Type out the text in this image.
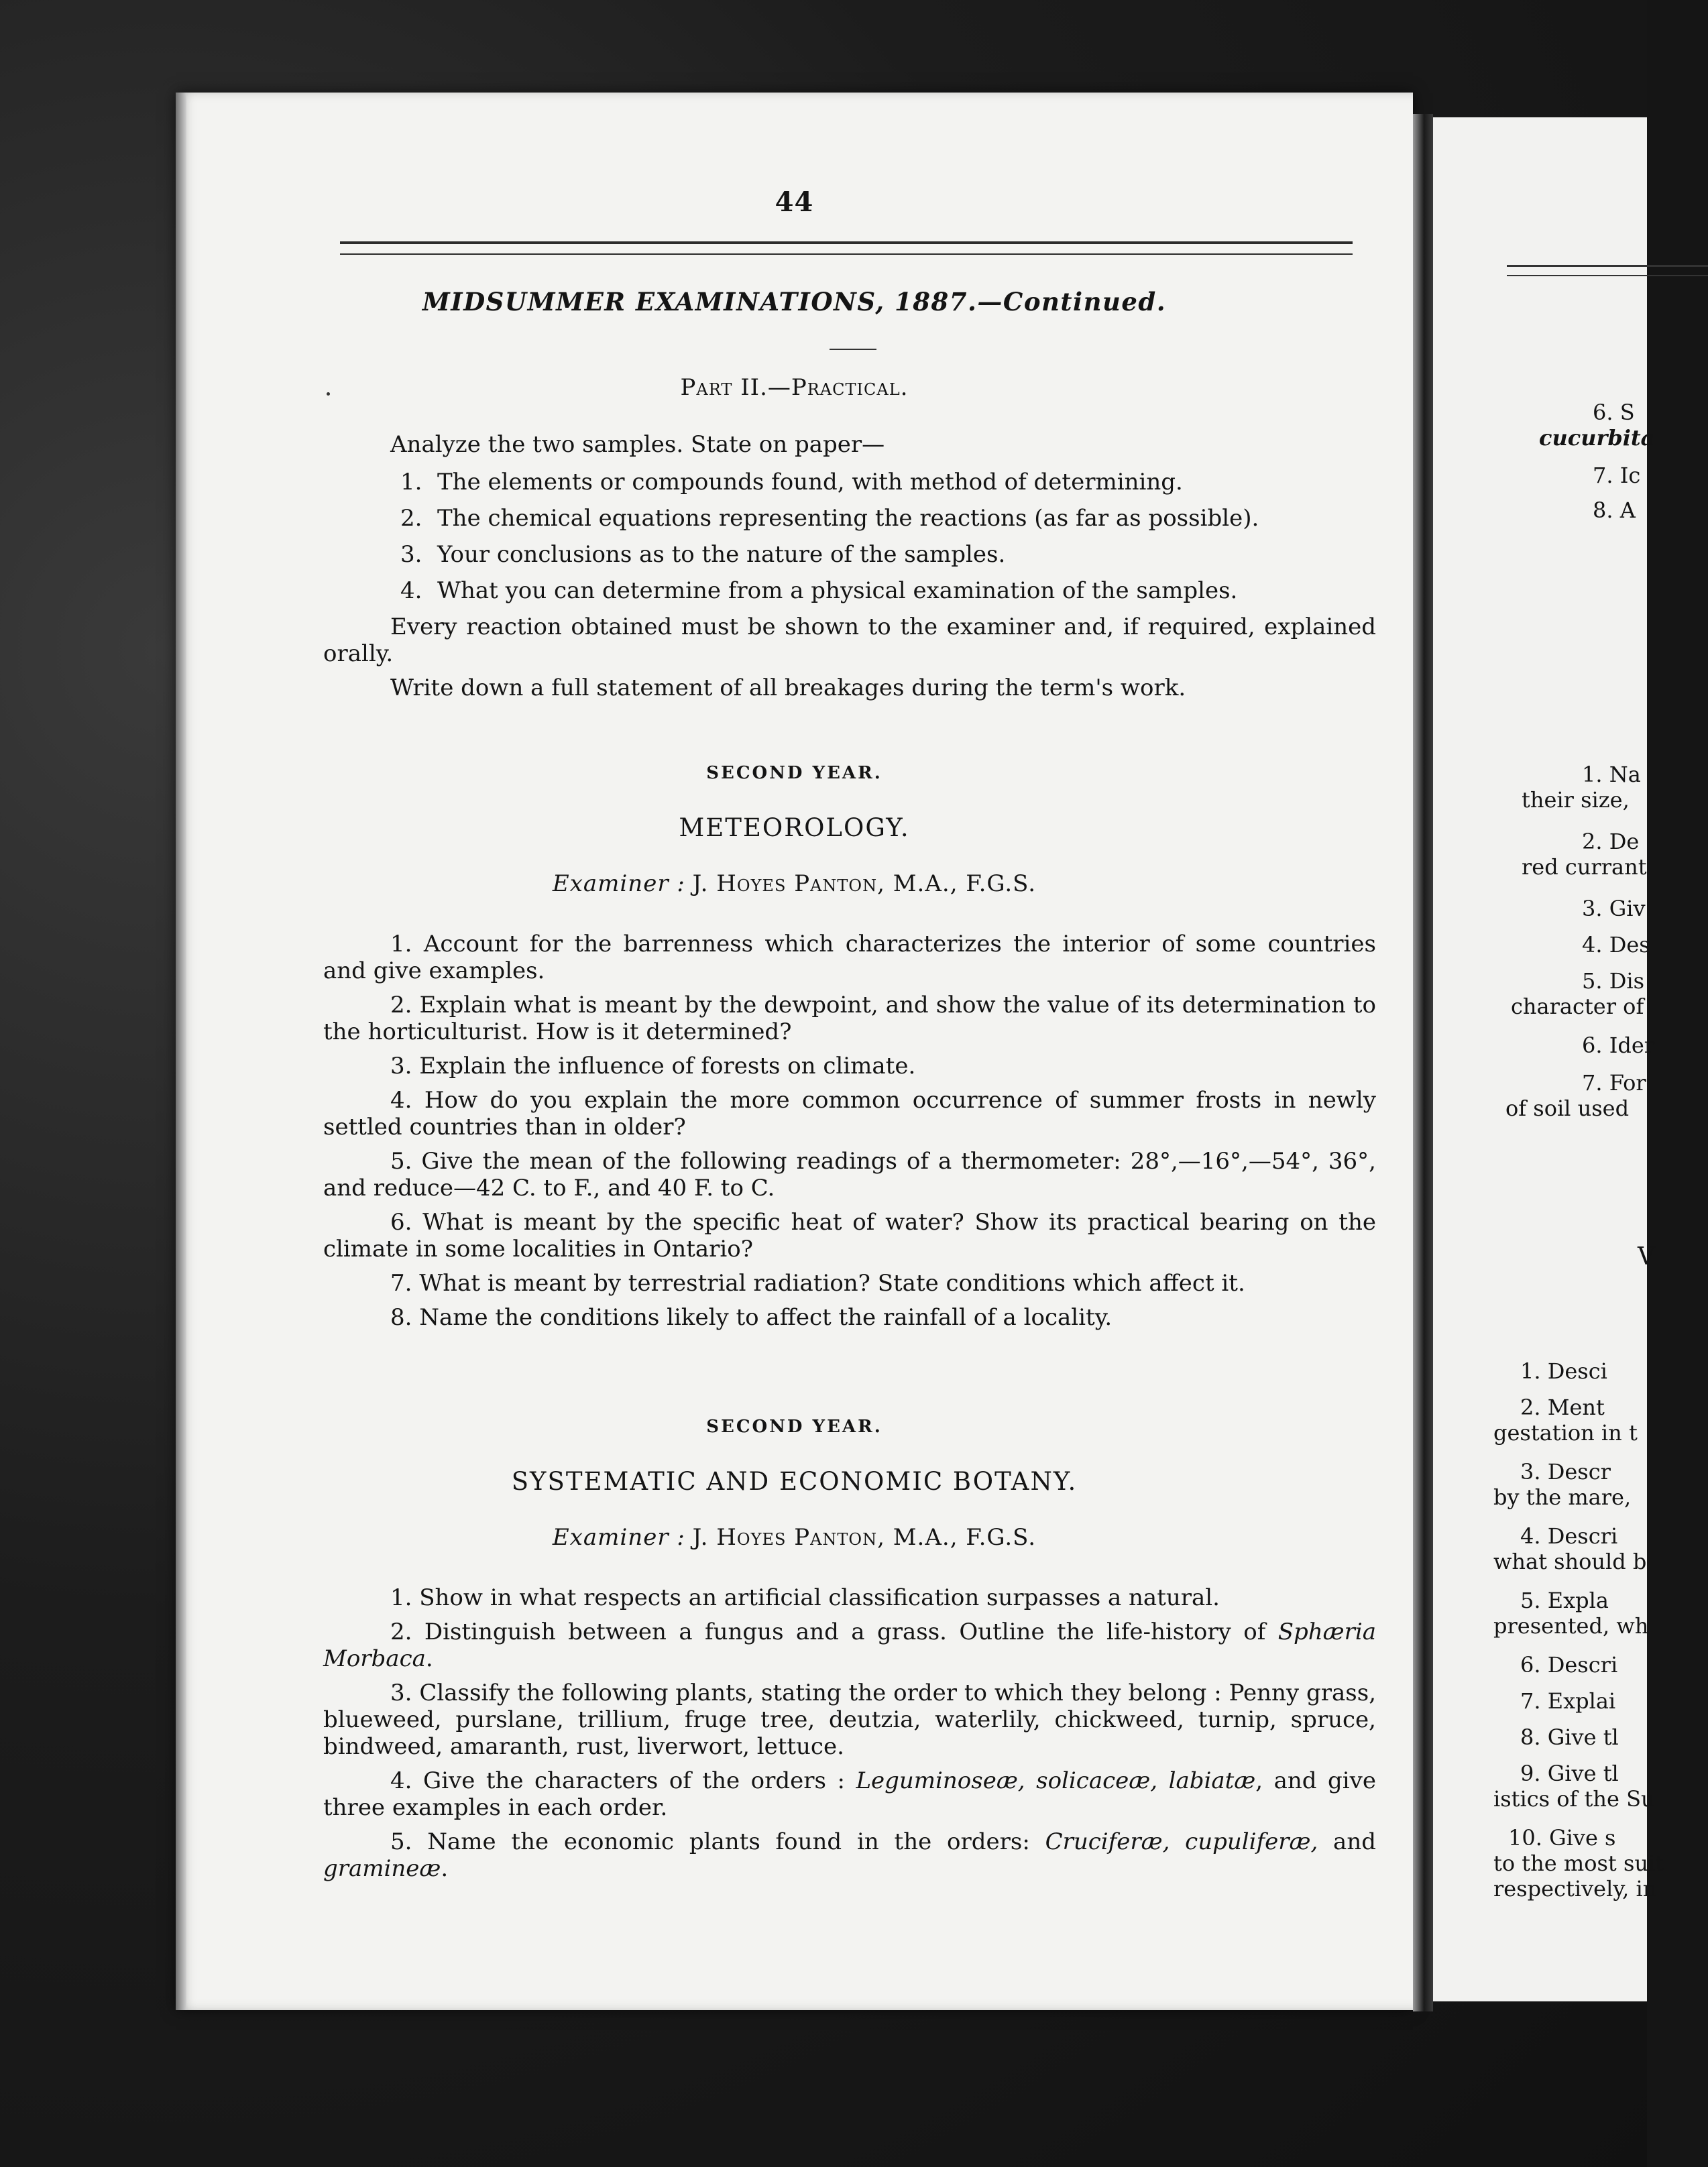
44
MIDSUMMER EXAMINATIONS, 1887.—Continued.
Part II.—Practical.

Analyze the two samples. State on paper—

1. The elements or compounds found, with method of determining.
2. The chemical equations representing the reactions (as far as possible).
3. Your conclusions as to the nature of the samples.
4. What you can determine from a physical examination of the samples.

Every reaction obtained must be shown to the examiner and, if required, explained orally.

Write down a full statement of all breakages during the term's work.

SECOND YEAR.
METEOROLOGY.
Examiner : J. Hoyes Panton, M.A., F.G.S.

1. Account for the barrenness which characterizes the interior of some countries and give examples.

2. Explain what is meant by the dewpoint, and show the value of its determination to the horticulturist. How is it determined?

3. Explain the influence of forests on climate.

4. How do you explain the more common occurrence of summer frosts in newly settled countries than in older?

5. Give the mean of the following readings of a thermometer: 28°,—16°,—54°, 36°, and reduce—42 C. to F., and 40 F. to C.

6. What is meant by the specific heat of water? Show its practical bearing on the climate in some localities in Ontario?

7. What is meant by terrestrial radiation? State conditions which affect it.

8. Name the conditions likely to affect the rainfall of a locality.

SECOND YEAR.
SYSTEMATIC AND ECONOMIC BOTANY.
Examiner : J. Hoyes Panton, M.A., F.G.S.

1. Show in what respects an artificial classification surpasses a natural.

2. Distinguish between a fungus and a grass. Outline the life-history of Sphæria Morbaca.

3. Classify the following plants, stating the order to which they belong : Penny grass, blueweed, purslane, trillium, fruge tree, deutzia, waterlily, chickweed, turnip, spruce, bindweed, amaranth, rust, liverwort, lettuce.

4. Give the characters of the orders : Leguminoseæ, solicaceæ, labiatæ, and give three examples in each order.

5. Name the economic plants found in the orders: Cruciferæ, cupuliferæ, and gramineæ.

6. S
cucurbita
7. Ic
8. A
1. Na
their size,
2. De
red currant
3. Giv
4. Des
5. Dis
character of
6. Ider
7. For
of soil used
V
1. Desci
2. Ment
gestation in t
3. Descr
by the mare,
4. Descri
what should b
5. Expla
presented, wh
6. Descri
7. Explai
8. Give tl
9. Give tl
istics of the Su
10. Give s
to the most suit
respectively, in
